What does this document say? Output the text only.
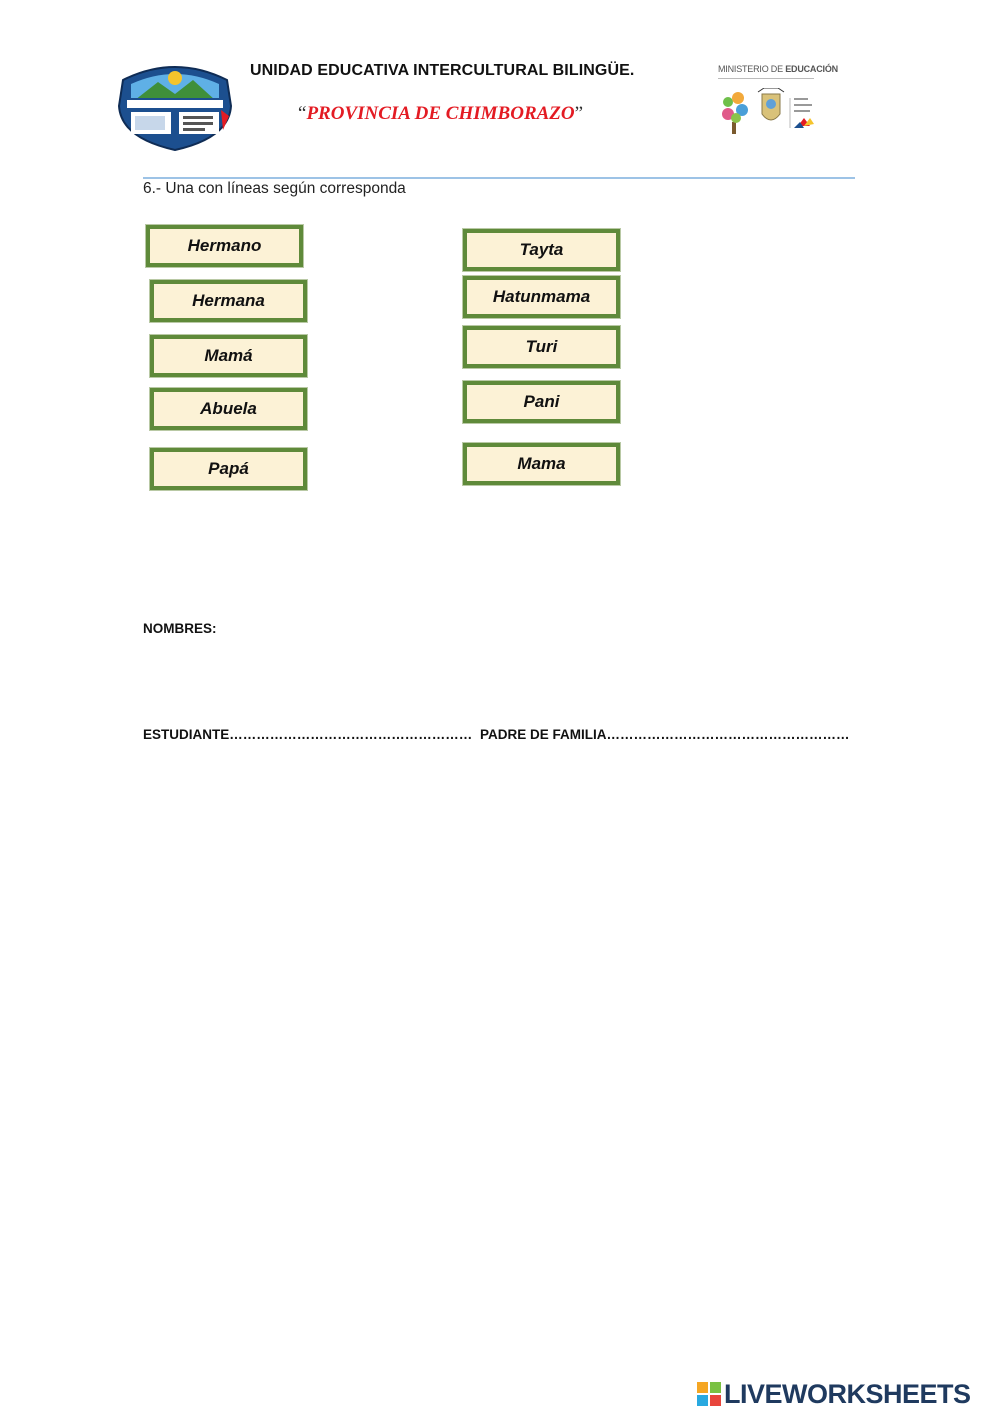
UNIDAD EDUCATIVA INTERCULTURAL BILINGÜE.
“PROVINCIA DE CHIMBORAZO”
MINISTERIO DE EDUCACIÓN
6.- Una con líneas según corresponda
Hermano
Hermana
Mamá
Abuela
Papá
Tayta
Hatunmama
Turi
Pani
Mama
NOMBRES:
ESTUDIANTE……………………………………………… PADRE DE FAMILIA………………………………………………
LIVEWORKSHEETS
